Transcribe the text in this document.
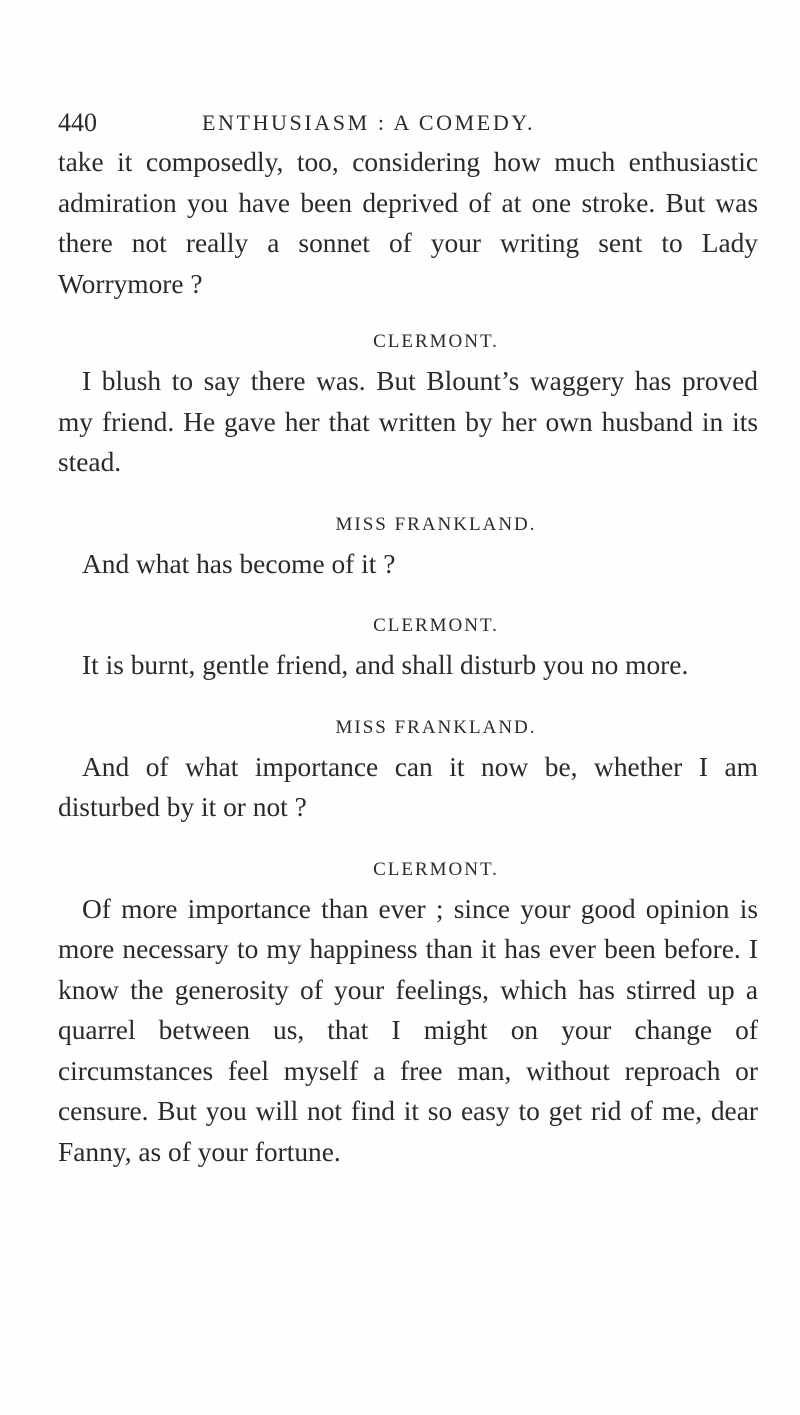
440	ENTHUSIASM : A COMEDY.

take it composedly, too, considering how much enthusiastic admiration you have been deprived of at one stroke. But was there not really a sonnet of your writing sent to Lady Worrymore ?

CLERMONT.

I blush to say there was. But Blount’s waggery has proved my friend. He gave her that written by her own husband in its stead.

MISS FRANKLAND.

And what has become of it ?

CLERMONT.

It is burnt, gentle friend, and shall disturb you no more.

MISS FRANKLAND.

And of what importance can it now be, whether I am disturbed by it or not ?

CLERMONT.

Of more importance than ever ; since your good opinion is more necessary to my happiness than it has ever been before. I know the generosity of your feelings, which has stirred up a quarrel between us, that I might on your change of circumstances feel myself a free man, without reproach or censure. But you will not find it so easy to get rid of me, dear Fanny, as of your fortune.
